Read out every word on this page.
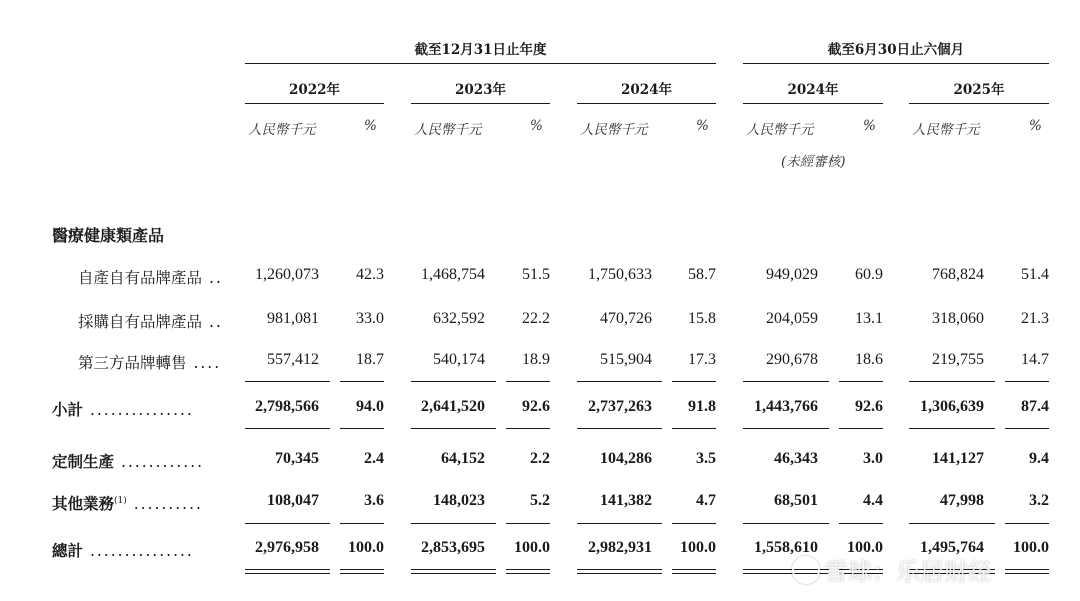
截至12月31日止年度	截至6月30日止六個月
2022年
人民幣千元	%
2023年
人民幣千元	%
2024年
人民幣千元	%
2024年
人民幣千元	%
2025年
人民幣千元	%
(未經審核)
醫療健康類產品
自產自有品牌產品 ..	1,260,073	42.3	1,468,754	51.5	1,750,633	58.7	949,029	60.9	768,824	51.4
採購自有品牌產品 ..	981,081	33.0	632,592	22.2	470,726	15.8	204,059	13.1	318,060	21.3
第三方品牌轉售 ....	557,412	18.7	540,174	18.9	515,904	17.3	290,678	18.6	219,755	14.7
小計 ...............	2,798,566	94.0	2,641,520	92.6	2,737,263	91.8	1,443,766	92.6	1,306,639	87.4
定制生產 ............	70,345	2.4	64,152	2.2	104,286	3.5	46,343	3.0	141,127	9.4
其他業務$^{(1)}$ ..........	108,047	3.6	148,023	5.2	141,382	4.7	68,501	4.4	47,998	3.2
總計 ...............	2,976,958	100.0	2,853,695	100.0	2,982,931	100.0	1,558,610	100.0	1,495,764	100.0
雪球：乐居财经
